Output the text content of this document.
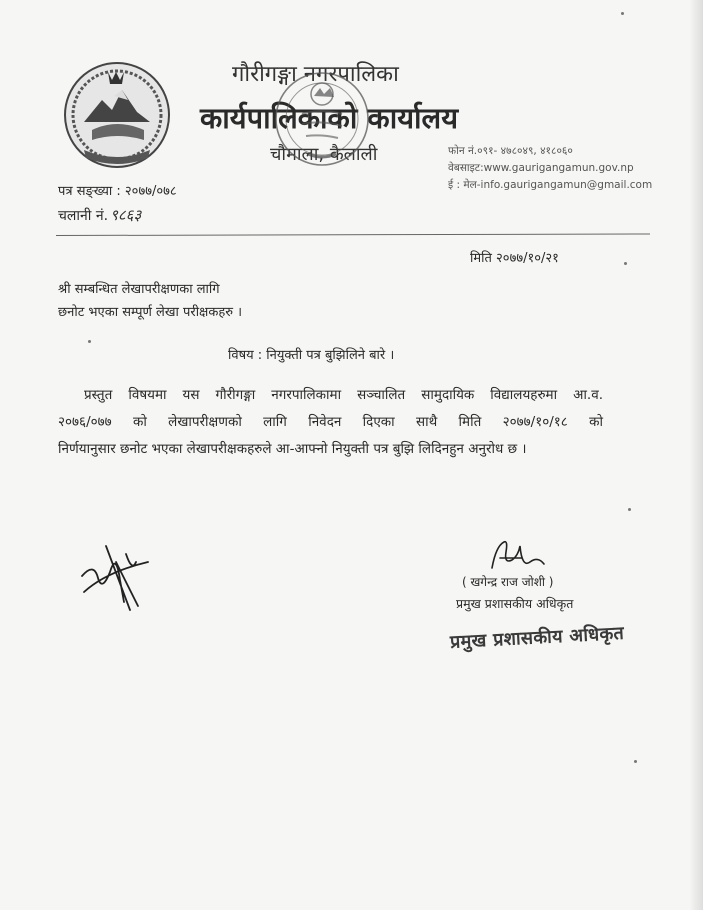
गौरीगङ्गा नगरपालिका
कार्यपालिकाको कार्यालय
चौमाला, कैलाली	फोन नं.०९१- ४७८०४९, ४१८०६०
वेबसाइट:www.gaurigangamun.gov.np
ई : मेल-info.gaurigangamun@gmail.com
पत्र सङ्ख्या : २०७७/०७८
चलानी नं. ९८६३
मिति २०७७/१०/२१
श्री सम्बन्धित लेखापरीक्षणका लागि
छनोट भएका सम्पूर्ण लेखा परीक्षकहरु ।
विषय : नियुक्ती पत्र बुझिलिने बारे ।
प्रस्तुत विषयमा यस गौरीगङ्गा नगरपालिकामा सञ्चालित सामुदायिक विद्यालयहरुमा आ.व.
२०७६/०७७ को लेखापरीक्षणको लागि निवेदन दिएका साथै मिति २०७७/१०/१८ को
निर्णयानुसार छनोट भएका लेखापरीक्षकहरुले आ-आफ्नो नियुक्ती पत्र बुझि लिदिनहुन अनुरोध छ ।
( खगेन्द्र राज जोशी )
प्रमुख प्रशासकीय अधिकृत
प्रमुख प्रशासकीय अधिकृत
